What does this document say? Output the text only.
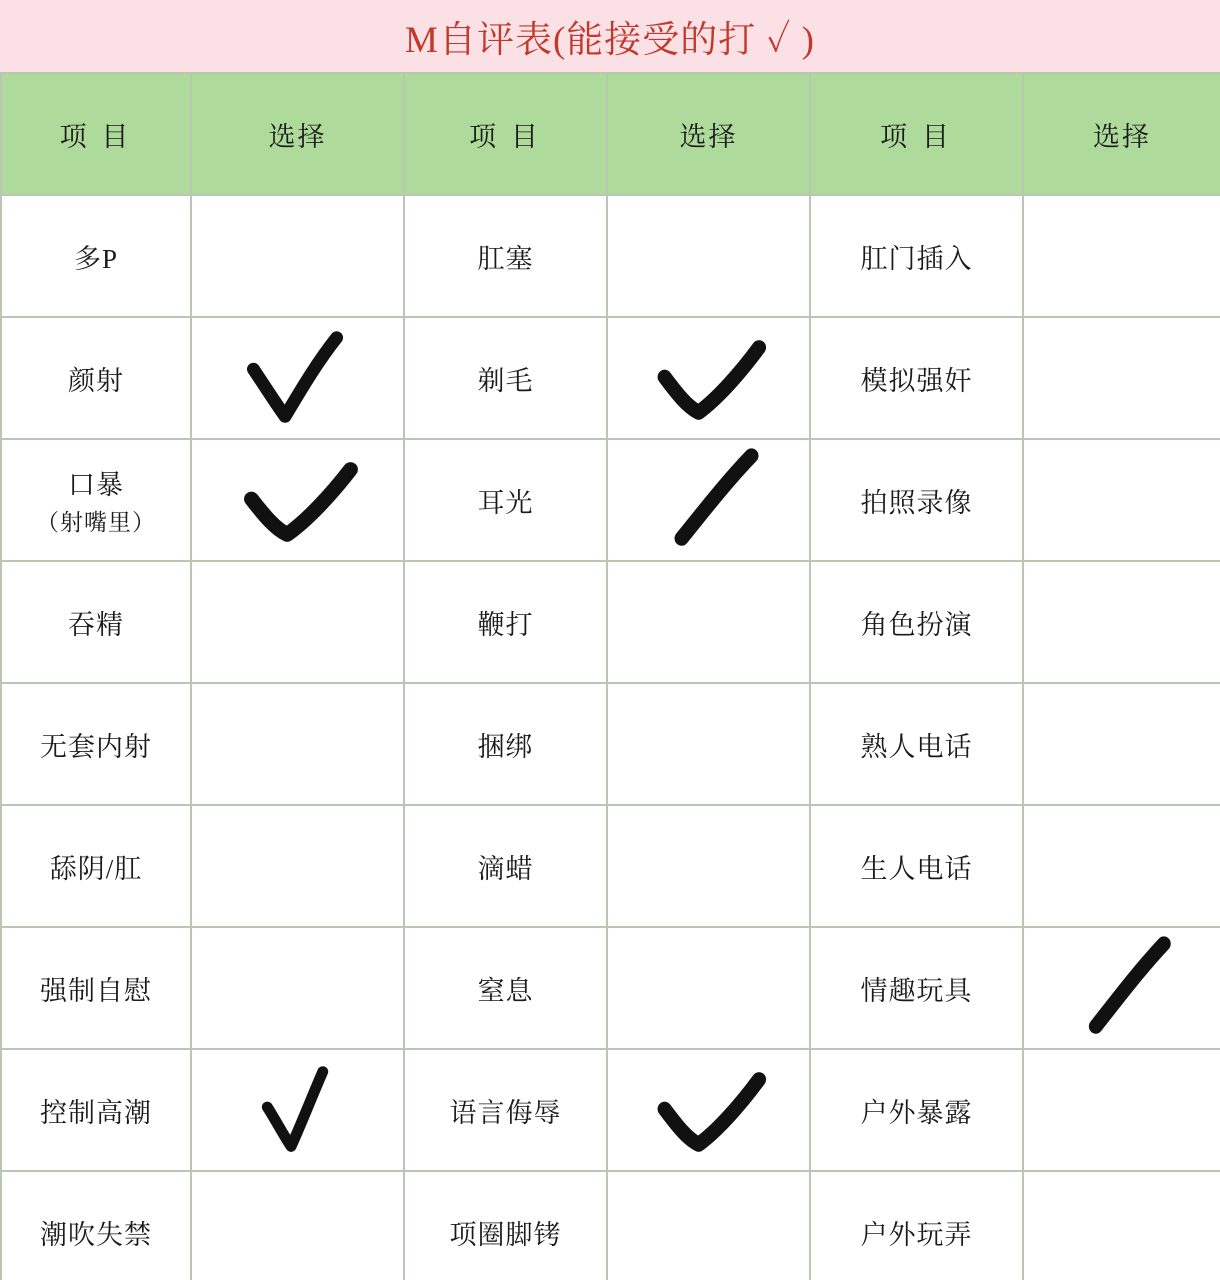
M自评表(能接受的打 ✓ )
项 目	选择	项 目	选择	项 目	选择
多P		肛塞		肛门插入	
颜射		剃毛		模拟强奸	
口暴
（射嘴里）		耳光		拍照录像	
吞精		鞭打		角色扮演	
无套内射		捆绑		熟人电话	
舔阴/肛		滴蜡		生人电话	
强制自慰		窒息		情趣玩具	

控制高潮		语言侮辱		户外暴露	
潮吹失禁		项圈脚铐		户外玩弄	
